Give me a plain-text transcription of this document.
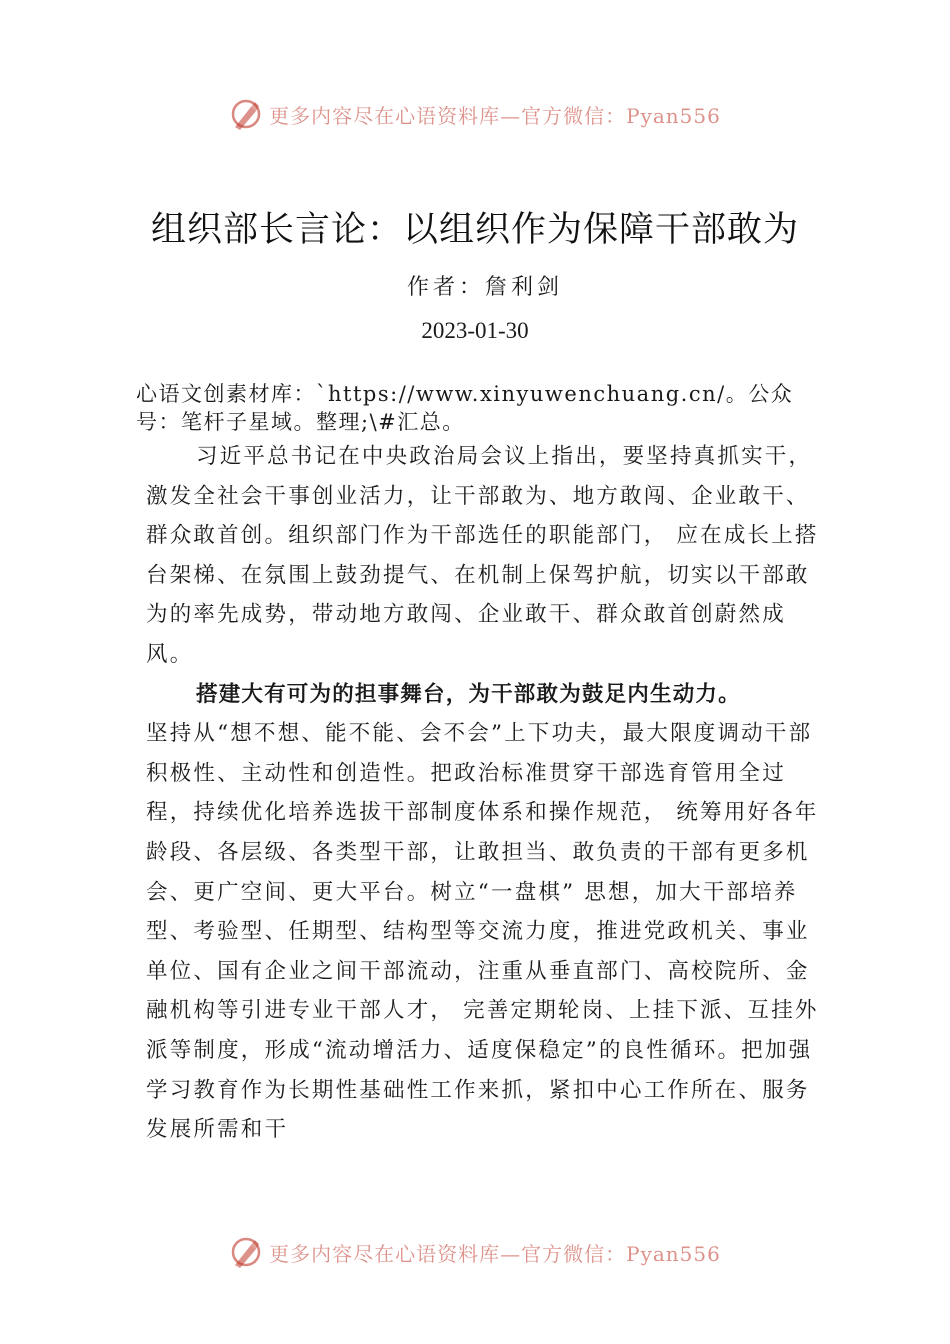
更多内容尽在心语资料库—官方微信：Pyan556
组织部长言论：以组织作为保障干部敢为
作者：詹利剑
2023-01-30
心语文创素材库：`https://www.xinyuwenchuang.cn/。公众号：笔杆子星域。整理;\#汇总。

习近平总书记在中央政治局会议上指出，要坚持真抓实干，激发全社会干事创业活力，让干部敢为、地方敢闯、企业敢干、群众敢首创。组织部门作为干部选任的职能部门， 应在成长上搭台架梯、在氛围上鼓劲提气、在机制上保驾护航，切实以干部敢为的率先成势，带动地方敢闯、企业敢干、群众敢首创蔚然成风。

搭建大有可为的担事舞台，为干部敢为鼓足内生动力。

坚持从“想不想、能不能、会不会”上下功夫，最大限度调动干部积极性、主动性和创造性。把政治标准贯穿干部选育管用全过程，持续优化培养选拔干部制度体系和操作规范， 统筹用好各年龄段、各层级、各类型干部，让敢担当、敢负责的干部有更多机会、更广空间、更大平台。树立“一盘棋” 思想，加大干部培养型、考验型、任期型、结构型等交流力度，推进党政机关、事业单位、国有企业之间干部流动，注重从垂直部门、高校院所、金融机构等引进专业干部人才， 完善定期轮岗、上挂下派、互挂外派等制度，形成“流动增活力、适度保稳定”的良性循环。把加强学习教育作为长期性基础性工作来抓，紧扣中心工作所在、服务发展所需和干

更多内容尽在心语资料库—官方微信：Pyan556
